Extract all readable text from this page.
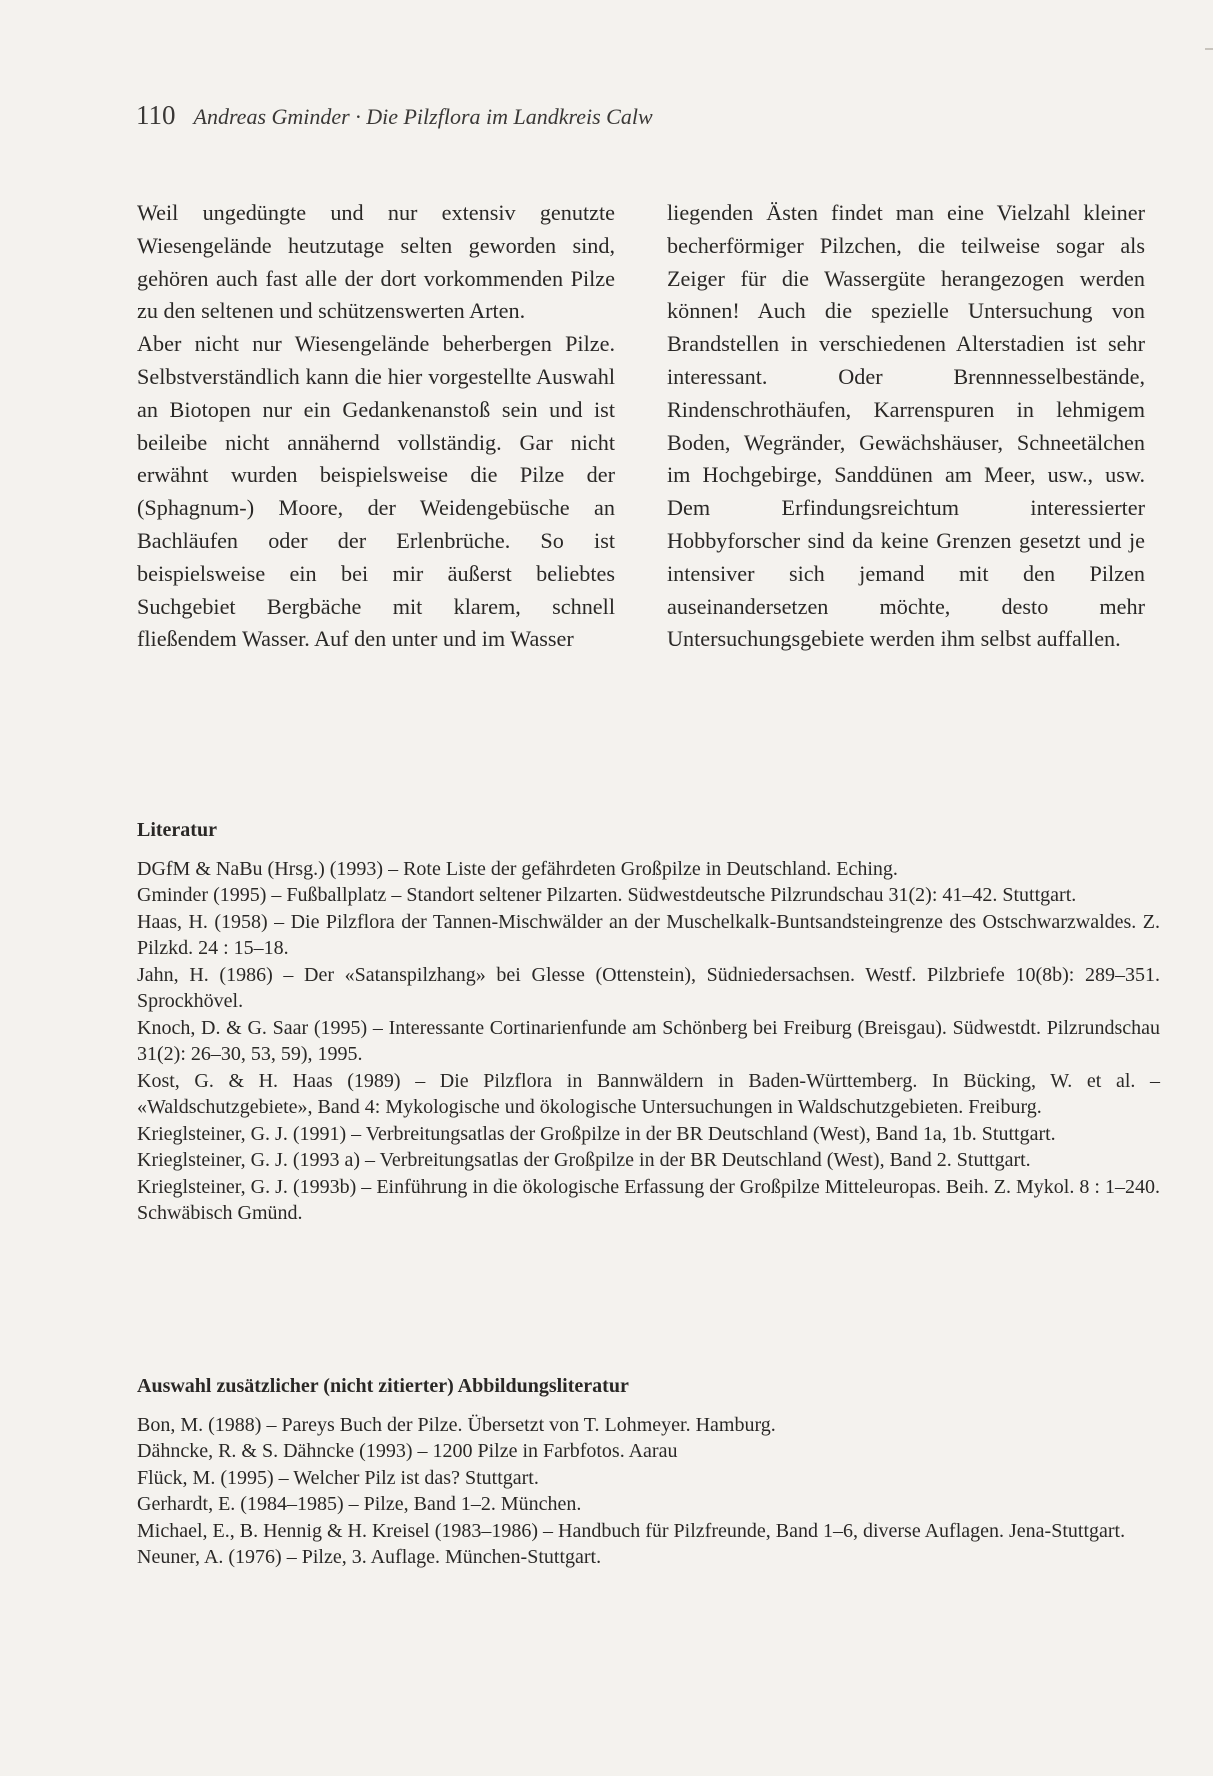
110 Andreas Gminder · Die Pilzflora im Landkreis Calw

Weil ungedüngte und nur extensiv genutzte Wiesengelände heutzutage selten geworden sind, gehören auch fast alle der dort vorkommenden Pilze zu den seltenen und schützenswerten Arten.

Aber nicht nur Wiesengelände beherbergen Pilze. Selbstverständlich kann die hier vorgestellte Auswahl an Biotopen nur ein Gedankenanstoß sein und ist beileibe nicht annähernd vollständig. Gar nicht erwähnt wurden beispielsweise die Pilze der (Sphagnum-) Moore, der Weidengebüsche an Bachläufen oder der Erlenbrüche. So ist beispielsweise ein bei mir äußerst beliebtes Suchgebiet Bergbäche mit klarem, schnell fließendem Wasser. Auf den unter und im Wasser

liegenden Ästen findet man eine Vielzahl kleiner becherförmiger Pilzchen, die teilweise sogar als Zeiger für die Wassergüte herangezogen werden können! Auch die spezielle Untersuchung von Brandstellen in verschiedenen Alterstadien ist sehr interessant. Oder Brennnesselbestände, Rindenschrothäufen, Karrenspuren in lehmigem Boden, Wegränder, Gewächshäuser, Schneetälchen im Hochgebirge, Sanddünen am Meer, usw., usw. Dem Erfindungsreichtum interessierter Hobbyforscher sind da keine Grenzen gesetzt und je intensiver sich jemand mit den Pilzen auseinandersetzen möchte, desto mehr Untersuchungsgebiete werden ihm selbst auffallen.

Literatur

DGfM & NaBu (Hrsg.) (1993) – Rote Liste der gefährdeten Großpilze in Deutschland. Eching.

Gminder (1995) – Fußballplatz – Standort seltener Pilzarten. Südwestdeutsche Pilzrundschau 31(2): 41–42. Stuttgart.

Haas, H. (1958) – Die Pilzflora der Tannen-Mischwälder an der Muschelkalk-Buntsandsteingrenze des Ostschwarzwaldes. Z. Pilzkd. 24 : 15–18.

Jahn, H. (1986) – Der «Satanspilzhang» bei Glesse (Ottenstein), Südniedersachsen. Westf. Pilzbriefe 10(8b): 289–351. Sprockhövel.

Knoch, D. & G. Saar (1995) – Interessante Cortinarienfunde am Schönberg bei Freiburg (Breisgau). Südwestdt. Pilzrundschau 31(2): 26–30, 53, 59), 1995.

Kost, G. & H. Haas (1989) – Die Pilzflora in Bannwäldern in Baden-Württemberg. In Bücking, W. et al. – «Waldschutzgebiete», Band 4: Mykologische und ökologische Untersuchungen in Waldschutzgebieten. Freiburg.

Krieglsteiner, G. J. (1991) – Verbreitungsatlas der Großpilze in der BR Deutschland (West), Band 1a, 1b. Stuttgart.

Krieglsteiner, G. J. (1993 a) – Verbreitungsatlas der Großpilze in der BR Deutschland (West), Band 2. Stuttgart.

Krieglsteiner, G. J. (1993b) – Einführung in die ökologische Erfassung der Großpilze Mitteleuropas. Beih. Z. Mykol. 8 : 1–240. Schwäbisch Gmünd.

Auswahl zusätzlicher (nicht zitierter) Abbildungsliteratur

Bon, M. (1988) – Pareys Buch der Pilze. Übersetzt von T. Lohmeyer. Hamburg.

Dähncke, R. & S. Dähncke (1993) – 1200 Pilze in Farbfotos. Aarau

Flück, M. (1995) – Welcher Pilz ist das? Stuttgart.

Gerhardt, E. (1984–1985) – Pilze, Band 1–2. München.

Michael, E., B. Hennig & H. Kreisel (1983–1986) – Handbuch für Pilzfreunde, Band 1–6, diverse Auflagen. Jena-Stuttgart.

Neuner, A. (1976) – Pilze, 3. Auflage. München-Stuttgart.
